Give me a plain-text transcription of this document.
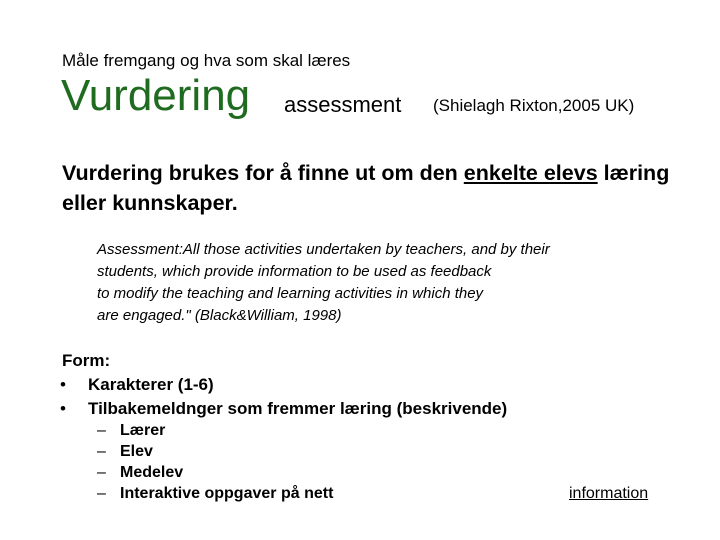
Måle fremgang og hva som skal læres
Vurdering assessment (Shielagh Rixton,2005 UK)
Vurdering brukes for å finne ut om den enkelte elevs læring eller kunnskaper.
Assessment:All those activities undertaken by teachers, and by their
students, which provide information to be used as feedback
to modify the teaching and learning activities in which they
are engaged." (Black&William, 1998)
Form:
• Karakterer (1-6)
• Tilbakemeldnger som fremmer læring (beskrivende)
– Lærer
– Elev
– Medelev
– Interaktive oppgaver på nett	information
